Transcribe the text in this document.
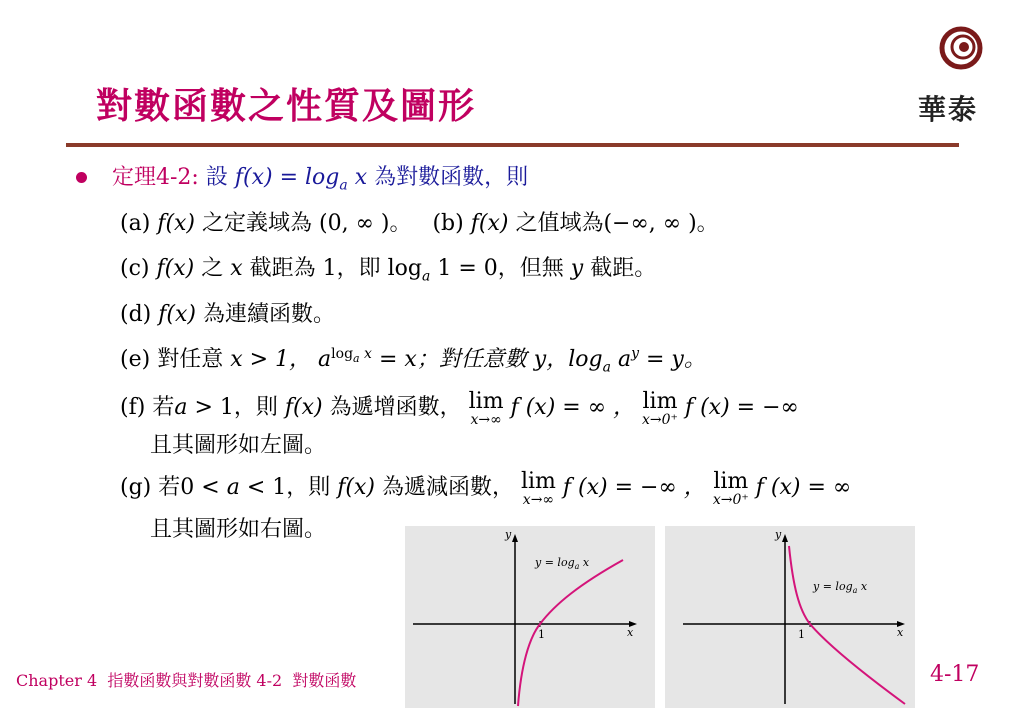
對數函數之性質及圖形	華泰
定理4-2: 設 $f(x) = \log_a x$ 為對數函數，則
(a) f(x) 之定義域為 (0, ∞ )。 (b) f(x) 之值域為(−∞, ∞ )。
(c) f(x) 之 x 截距為 1，即 $\log_a 1 = 0$，但無 y 截距。
(d) f(x) 為連續函數。
(e) 對任意 x > 1， $a^{log_a x} = x$；對任意數 y，$\log_a a^y = y$。
(f) 若a > 1，則 f(x) 為遞增函數， lim
x→∞
f (x) = ∞ ， lim
x→0⁺
f (x) = −∞
且其圖形如左圖。
(g) 若0 < a < 1，則 f(x) 為遞減函數， lim
x→∞
f (x) = −∞ ， lim
x→0⁺
f (x) = ∞
且其圖形如右圖。	y
x
1
$y = \log_a x$
y
x
1
$y = \log_a x$
Chapter 4 指數函數與對數函數 4-2 對數函數	4-17
